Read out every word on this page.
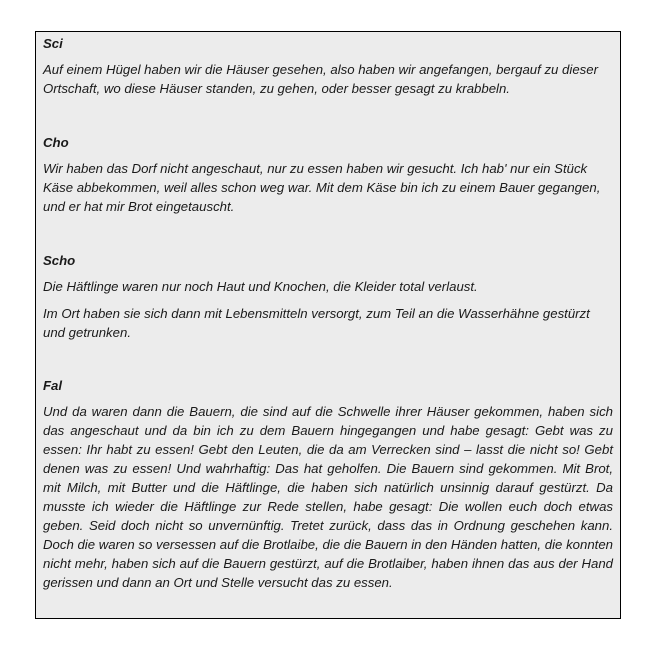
Sci

Auf einem Hügel haben wir die Häuser gesehen, also haben wir angefangen, bergauf zu dieser Ortschaft, wo diese Häuser standen, zu gehen, oder besser gesagt zu krabbeln.

Cho

Wir haben das Dorf nicht angeschaut, nur zu essen haben wir gesucht. Ich hab' nur ein Stück Käse abbekommen, weil alles schon weg war. Mit dem Käse bin ich zu einem Bauer gegangen, und er hat mir Brot eingetauscht.

Scho

Die Häftlinge waren nur noch Haut und Knochen, die Kleider total verlaust.

Im Ort haben sie sich dann mit Lebensmitteln versorgt, zum Teil an die Wasserhähne gestürzt und getrunken.

Fal

Und da waren dann die Bauern, die sind auf die Schwelle ihrer Häuser gekommen, haben sich das angeschaut und da bin ich zu dem Bauern hingegangen und habe gesagt: Gebt was zu essen: Ihr habt zu essen! Gebt den Leuten, die da am Verrecken sind – lasst die nicht so! Gebt denen was zu essen! Und wahrhaftig: Das hat geholfen. Die Bauern sind gekommen. Mit Brot, mit Milch, mit Butter und die Häftlinge, die haben sich natürlich unsinnig darauf gestürzt. Da musste ich wieder die Häftlinge zur Rede stellen, habe gesagt: Die wollen euch doch etwas geben. Seid doch nicht so unvernünftig. Tretet zurück, dass das in Ordnung geschehen kann. Doch die waren so versessen auf die Brotlaibe, die die Bauern in den Händen hatten, die konnten nicht mehr, haben sich auf die Bauern gestürzt, auf die Brotlaiber, haben ihnen das aus der Hand gerissen und dann an Ort und Stelle versucht das zu essen.
